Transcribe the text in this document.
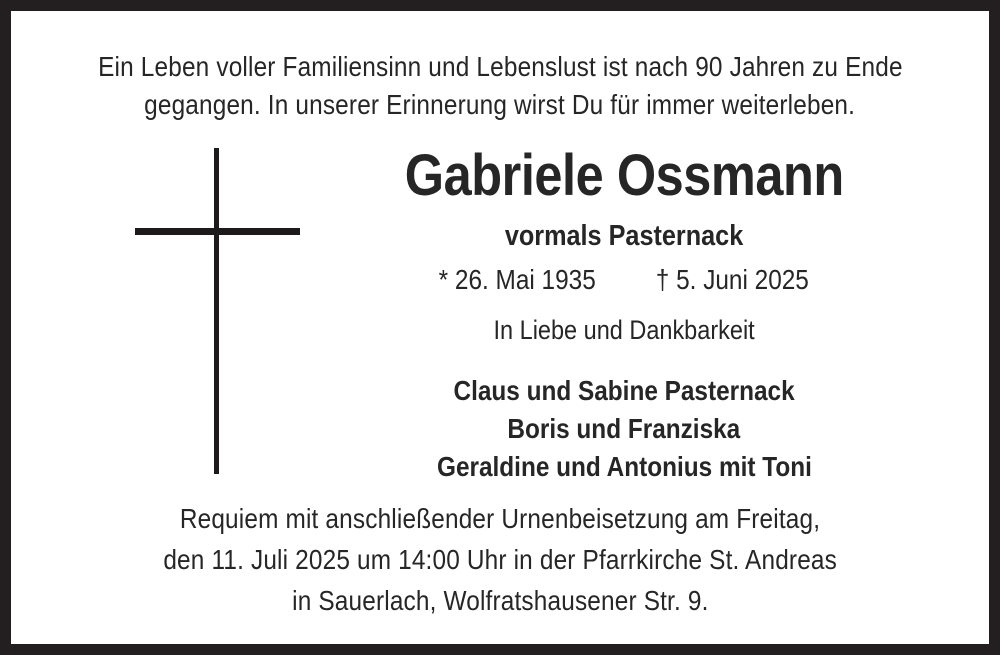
Ein Leben voller Familiensinn und Lebenslust ist nach 90 Jahren zu Ende
gegangen. In unserer Erinnerung wirst Du für immer weiterleben.
Gabriele Ossmann
vormals Pasternack
* 26. Mai 1935 † 5. Juni 2025
In Liebe und Dankbarkeit
Claus und Sabine Pasternack
Boris und Franziska
Geraldine und Antonius mit Toni
Requiem mit anschließender Urnenbeisetzung am Freitag,
den 11. Juli 2025 um 14:00 Uhr in der Pfarrkirche St. Andreas
in Sauerlach, Wolfratshausener Str. 9.
